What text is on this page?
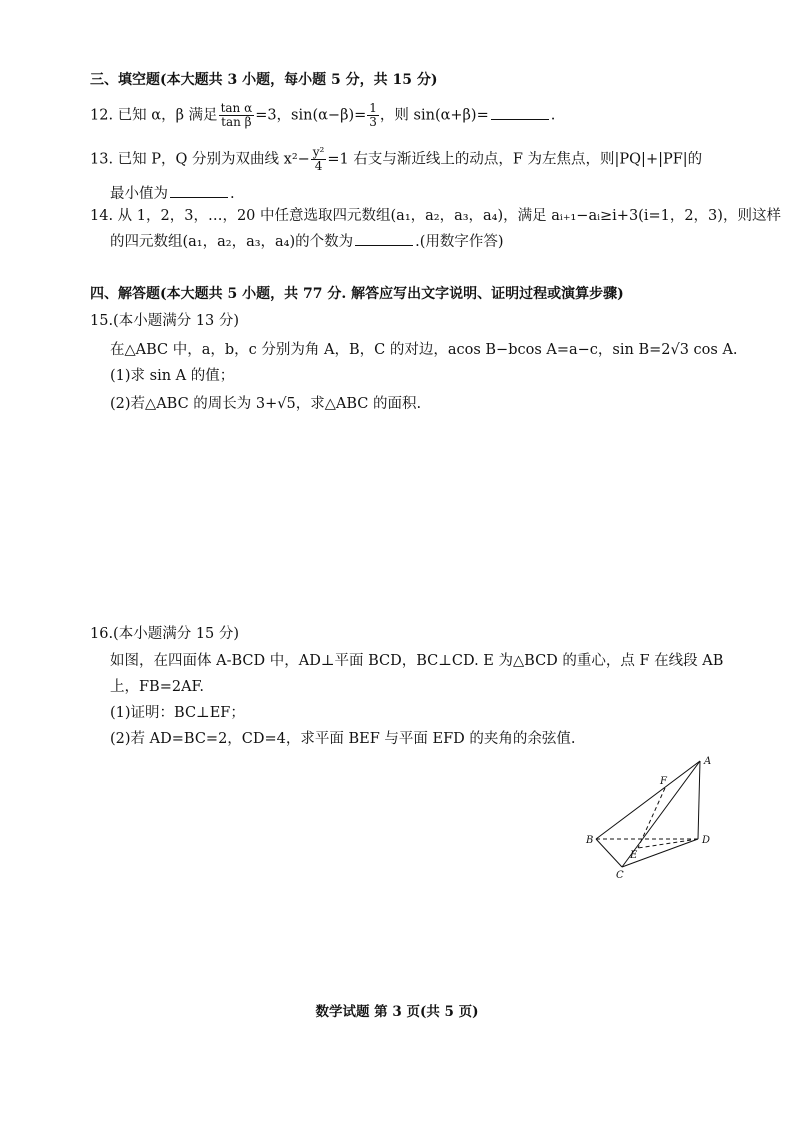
三、填空题(本大题共 3 小题，每小题 5 分，共 15 分)
12. 已知 α，β 满足 $\frac{\text{tan α}}{\text{tan β}} =3$，$\sin(\alpha-\beta)= \frac{1}{3}$ ，则 sin(α+β)=	.
13. 已知 P，Q 分别为双曲线 $x^2- \frac{\text{y²}}{4} =1$ 右支与渐近线上的动点，F 为左焦点，则|PQ|+|PF|的
最小值为	.
14. 从 1，2，3，…，20 中任意选取四元数组(a₁，a₂，a₃，a₄)，满足 aᵢ₊₁−aᵢ≥i+3(i=1，2，3)，则这样
的四元数组(a₁，a₂，a₃，a₄)的个数为	.(用数字作答)
四、解答题(本大题共 5 小题，共 77 分. 解答应写出文字说明、证明过程或演算步骤)
15.(本小题满分 13 分)
在△ABC 中，a，b，c 分别为角 A，B，C 的对边，acos B−bcos A=a−c，sin B=2√3 cos A.
(1)求 sin A 的值；
(2)若△ABC 的周长为 3+√5，求△ABC 的面积.
16.(本小题满分 15 分)
如图，在四面体 A-BCD 中，AD⊥平面 BCD，BC⊥CD. E 为△BCD 的重心，点 F 在线段 AB
上，FB=2AF.
(1)证明：BC⊥EF；
(2)若 AD=BC=2，CD=4，求平面 BEF 与平面 EFD 的夹角的余弦值.
A
B
C
D
E
F
数学试题 第 3 页(共 5 页)
